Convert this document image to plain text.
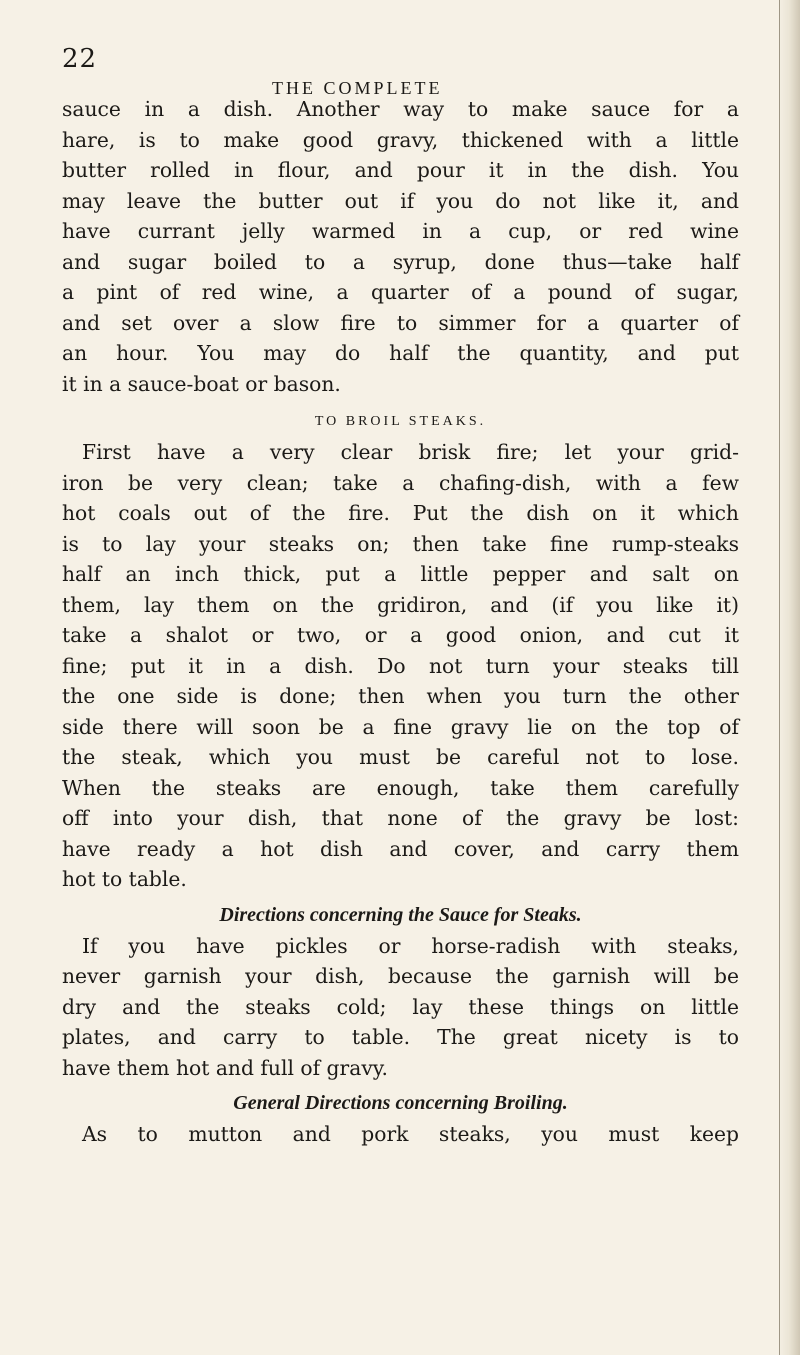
22
THE COMPLETE
sauce in a dish. Another way to make sauce for a
hare, is to make good gravy, thickened with a little
butter rolled in flour, and pour it in the dish. You
may leave the butter out if you do not like it, and
have currant jelly warmed in a cup, or red wine
and sugar boiled to a syrup, done thus—take half
a pint of red wine, a quarter of a pound of sugar,
and set over a slow fire to simmer for a quarter of
an hour. You may do half the quantity, and put
it in a sauce-boat or bason.
TO BROIL STEAKS.
First have a very clear brisk fire; let your grid-
iron be very clean; take a chafing-dish, with a few
hot coals out of the fire. Put the dish on it which
is to lay your steaks on; then take fine rump-steaks
half an inch thick, put a little pepper and salt on
them, lay them on the gridiron, and (if you like it)
take a shalot or two, or a good onion, and cut it
fine; put it in a dish. Do not turn your steaks till
the one side is done; then when you turn the other
side there will soon be a fine gravy lie on the top of
the steak, which you must be careful not to lose.
When the steaks are enough, take them carefully
off into your dish, that none of the gravy be lost:
have ready a hot dish and cover, and carry them
hot to table.
Directions concerning the Sauce for Steaks.
If you have pickles or horse-radish with steaks,
never garnish your dish, because the garnish will be
dry and the steaks cold; lay these things on little
plates, and carry to table. The great nicety is to
have them hot and full of gravy.
General Directions concerning Broiling.
As to mutton and pork steaks, you must keep
